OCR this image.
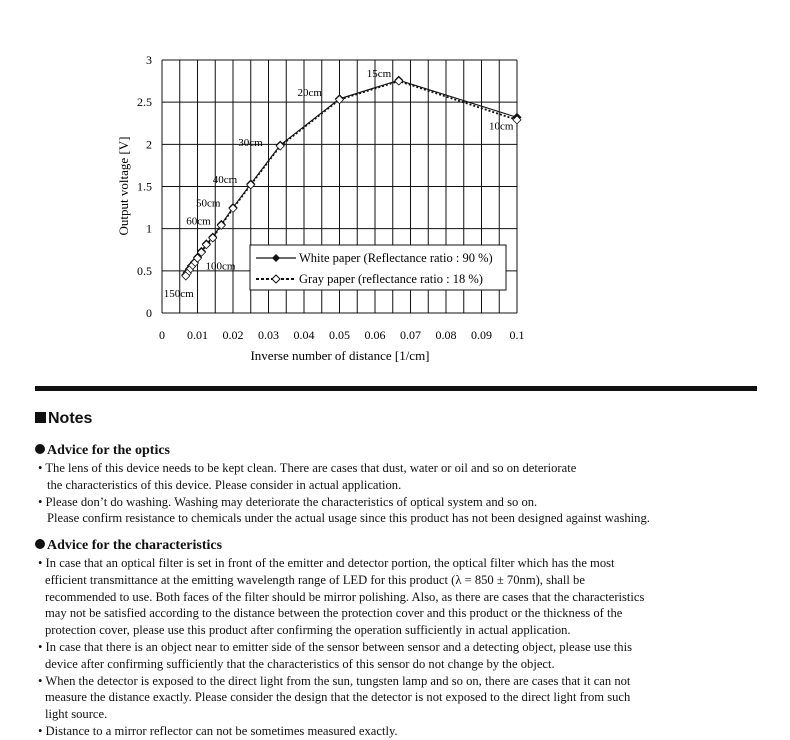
0 0.01 0.02 0.03 0.04 0.05 0.06 0.07 0.08 0.09 0.1
0
0.5
1
1.5
2
2.5
3
Output voltage [V]
Inverse number of distance [1/cm]
10cm
15cm
20cm
30cm
40cm
50cm
60cm
100cm
150cm
White paper (Reflectance ratio : 90 %)
Gray paper (reflectance ratio : 18 %)
Notes
Advice for the optics
• The lens of this device needs to be kept clean. There are cases that dust, water or oil and so on deteriorate
the characteristics of this device. Please consider in actual application.
• Please don’t do washing. Washing may deteriorate the characteristics of optical system and so on.
Please confirm resistance to chemicals under the actual usage since this product has not been designed against washing.
Advice for the characteristics
• In case that an optical filter is set in front of the emitter and detector portion, the optical filter which has the most
efficient transmittance at the emitting wavelength range of LED for this product (λ = 850 ± 70nm), shall be
recommended to use. Both faces of the filter should be mirror polishing. Also, as there are cases that the characteristics
may not be satisfied according to the distance between the protection cover and this product or the thickness of the
protection cover, please use this product after confirming the operation sufficiently in actual application.
• In case that there is an object near to emitter side of the sensor between sensor and a detecting object, please use this
device after confirming sufficiently that the characteristics of this sensor do not change by the object.
• When the detector is exposed to the direct light from the sun, tungsten lamp and so on, there are cases that it can not
measure the distance exactly. Please consider the design that the detector is not exposed to the direct light from such
light source.
• Distance to a mirror reflector can not be sometimes measured exactly.
